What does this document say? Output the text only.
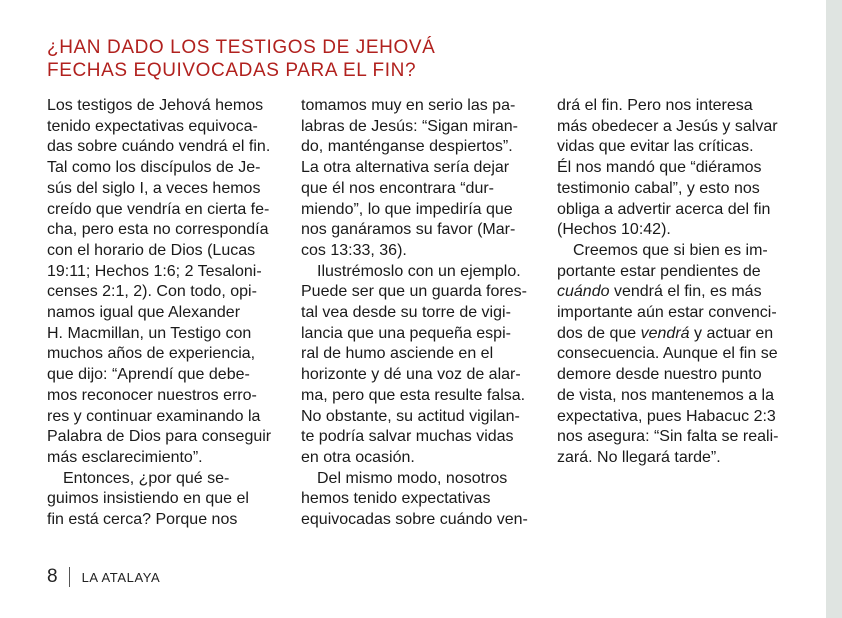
¿HAN DADO LOS TESTIGOS DE JEHOVÁ
FECHAS EQUIVOCADAS PARA EL FIN?
Los testigos de Jehová hemos
tenido expectativas equivoca-
das sobre cuándo vendrá el fin.
Tal como los discípulos de Je-
sús del siglo I, a veces hemos
creído que vendría en cierta fe-
cha, pero esta no correspondía
con el horario de Dios (Lucas
19:11; Hechos 1:6; 2 Tesaloni-
censes 2:1, 2). Con todo, opi-
namos igual que Alexander
H. Macmillan, un Testigo con
muchos años de experiencia,
que dijo: “Aprendí que debe-
mos reconocer nuestros erro-
res y continuar examinando la
Palabra de Dios para conseguir
más esclarecimiento”.
Entonces, ¿por qué se-
guimos insistiendo en que el
fin está cerca? Porque nos
tomamos muy en serio las pa-
labras de Jesús: “Sigan miran-
do, manténganse despiertos”.
La otra alternativa sería dejar
que él nos encontrara “dur-
miendo”, lo que impediría que
nos ganáramos su favor (Mar-
cos 13:33, 36).
Ilustrémoslo con un ejemplo.
Puede ser que un guarda fores-
tal vea desde su torre de vigi-
lancia que una pequeña espi-
ral de humo asciende en el
horizonte y dé una voz de alar-
ma, pero que esta resulte falsa.
No obstante, su actitud vigilan-
te podría salvar muchas vidas
en otra ocasión.
Del mismo modo, nosotros
hemos tenido expectativas
equivocadas sobre cuándo ven-
drá el fin. Pero nos interesa
más obedecer a Jesús y salvar
vidas que evitar las críticas.
Él nos mandó que “diéramos
testimonio cabal”, y esto nos
obliga a advertir acerca del fin
(Hechos 10:42).
Creemos que si bien es im-
portante estar pendientes de
cuándo vendrá el fin, es más
importante aún estar convenci-
dos de que vendrá y actuar en
consecuencia. Aunque el fin se
demore desde nuestro punto
de vista, nos mantenemos a la
expectativa, pues Habacuc 2:3
nos asegura: “Sin falta se reali-
zará. No llegará tarde”.
8 LA ATALAYA
